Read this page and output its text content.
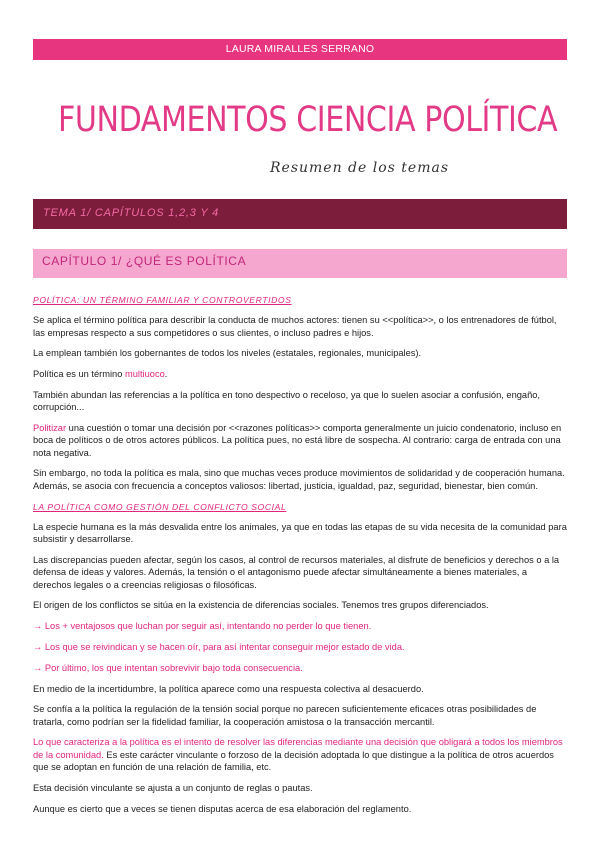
LAURA MIRALLES SERRANO
FUNDAMENTOS CIENCIA POLÍTICA
Resumen de los temas
TEMA 1/ CAPÍTULOS 1,2,3 Y 4
CAPÍTULO 1/ ¿QUÉ ES POLÍTICA
POLÍTICA: UN TÉRMINO FAMILIAR Y CONTROVERTIDOS

Se aplica el término política para describir la conducta de muchos actores: tienen su <<política>>, o los entrenadores de fútbol, las empresas respecto a sus competidores o sus clientes, o incluso padres e hijos.

La emplean también los gobernantes de todos los niveles (estatales, regionales, municipales).

Política es un término multiuoco.

También abundan las referencias a la política en tono despectivo o receloso, ya que lo suelen asociar a confusión, engaño, corrupción...

Politizar una cuestión o tomar una decisión por <<razones políticas>> comporta generalmente un juicio condenatorio, incluso en boca de políticos o de otros actores públicos. La política pues, no está libre de sospecha. Al contrario: carga de entrada con una nota negativa.

Sin embargo, no toda la política es mala, sino que muchas veces produce movimientos de solidaridad y de cooperación humana. Además, se asocia con frecuencia a conceptos valiosos: libertad, justicia, igualdad, paz, seguridad, bienestar, bien común.

LA POLÍTICA COMO GESTIÓN DEL CONFLICTO SOCIAL

La especie humana es la más desvalida entre los animales, ya que en todas las etapas de su vida necesita de la comunidad para subsistir y desarrollarse.

Las discrepancias pueden afectar, según los casos, al control de recursos materiales, al disfrute de beneficios y derechos o a la defensa de ideas y valores. Además, la tensión o el antagonismo puede afectar simultáneamente a bienes materiales, a derechos legales o a creencias religiosas o filosóficas.

El origen de los conflictos se sitúa en la existencia de diferencias sociales. Tenemos tres grupos diferenciados.

→ Los + ventajosos que luchan por seguir así, intentando no perder lo que tienen.

→ Los que se reivindican y se hacen oír, para así intentar conseguir mejor estado de vida.

→ Por último, los que intentan sobrevivir bajo toda consecuencia.

En medio de la incertidumbre, la política aparece como una respuesta colectiva al desacuerdo.

Se confía a la política la regulación de la tensión social porque no parecen suficientemente eficaces otras posibilidades de tratarla, como podrían ser la fidelidad familiar, la cooperación amistosa o la transacción mercantil.

Lo que caracteriza a la política es el intento de resolver las diferencias mediante una decisión que obligará a todos los miembros de la comunidad. Es este carácter vinculante o forzoso de la decisión adoptada lo que distingue a la política de otros acuerdos que se adoptan en función de una relación de familia, etc.

Esta decisión vinculante se ajusta a un conjunto de reglas o pautas.

Aunque es cierto que a veces se tienen disputas acerca de esa elaboración del reglamento.
